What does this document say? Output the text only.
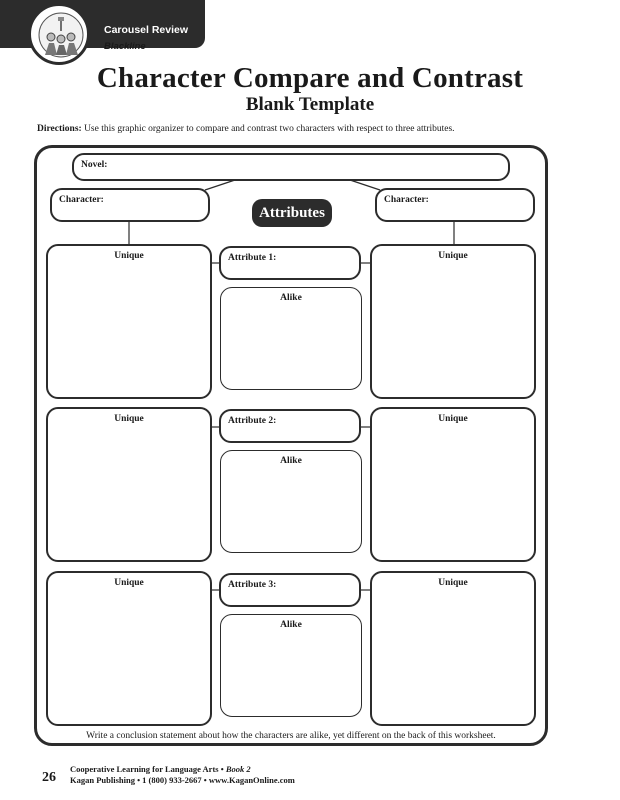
Carousel Review
Blackline
Character Compare and Contrast
Blank Template
Directions: Use this graphic organizer to compare and contrast two characters with respect to three attributes.
Novel:
Character:	Character:
Attributes
Unique	Attribute 1:
Alike
Unique
Unique	Attribute 2:
Alike
Unique
Unique	Attribute 3:
Alike
Unique
Write a conclusion statement about how the characters are alike, yet different on the back of this worksheet.
26
Cooperative Learning for Language Arts • Book 2
Kagan Publishing • 1 (800) 933-2667 • www.KaganOnline.com
